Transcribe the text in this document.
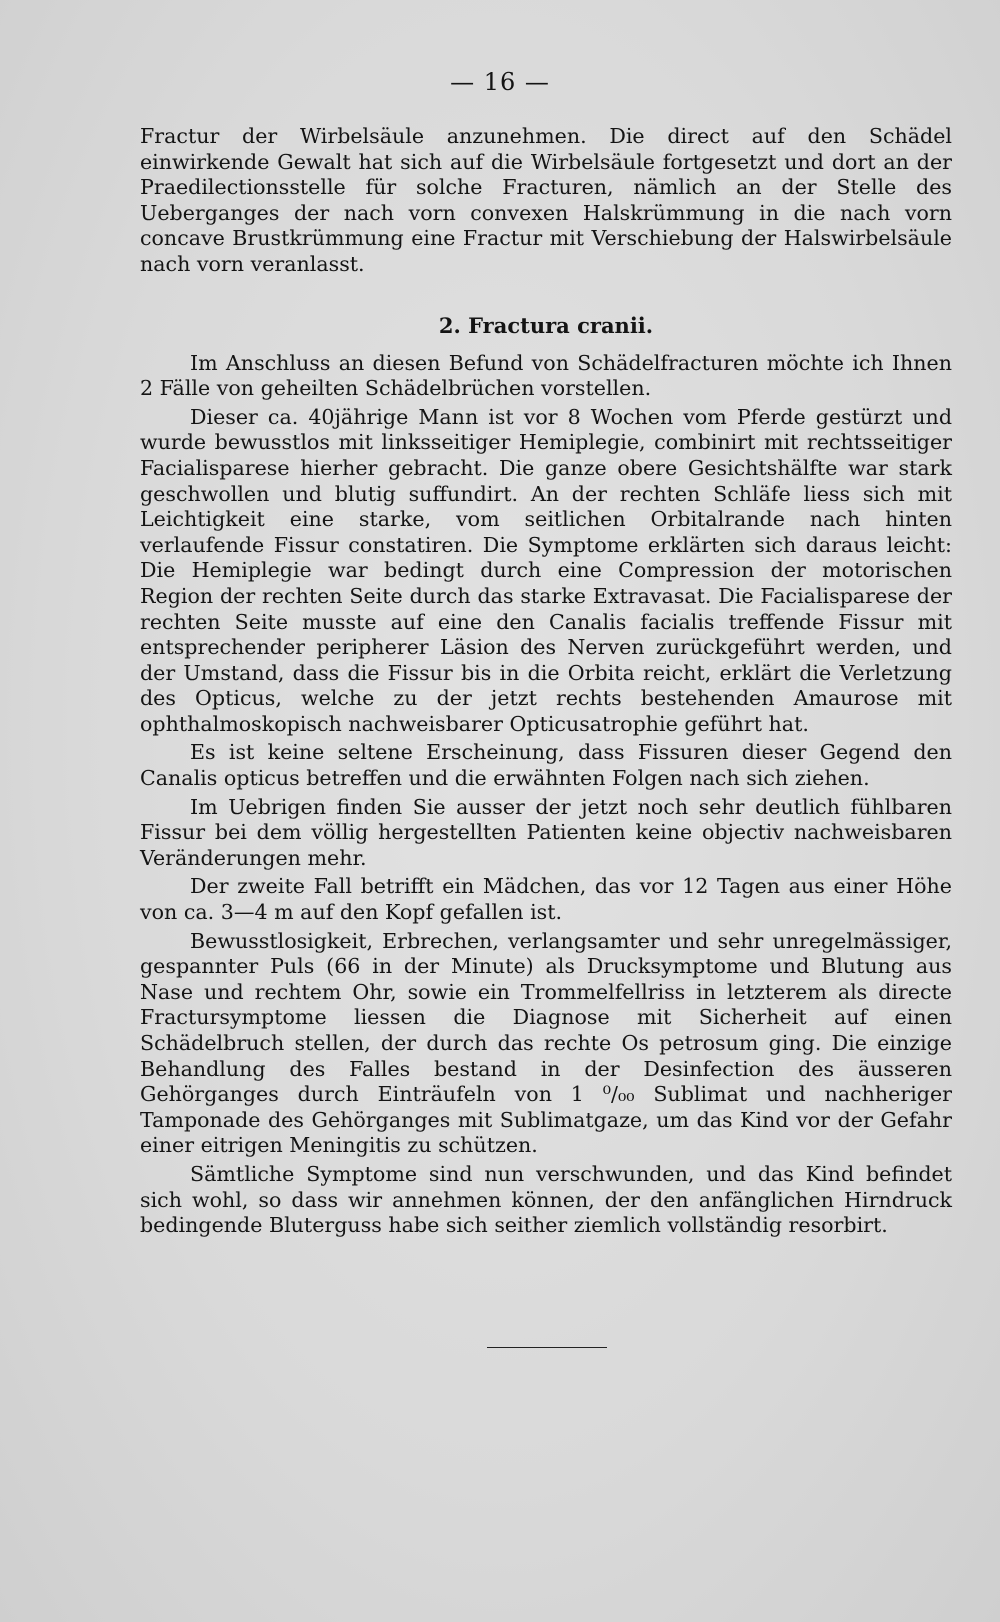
— 16 —

Fractur der Wirbelsäule anzunehmen. Die direct auf den Schädel einwirkende Gewalt hat sich auf die Wirbelsäule fortgesetzt und dort an der Praedilectionsstelle für solche Fracturen, nämlich an der Stelle des Ueberganges der nach vorn convexen Halskrümmung in die nach vorn concave Brustkrümmung eine Fractur mit Verschiebung der Halswirbelsäule nach vorn veranlasst.

2. Fractura cranii.

Im Anschluss an diesen Befund von Schädelfracturen möchte ich Ihnen 2 Fälle von geheilten Schädelbrüchen vorstellen.

Dieser ca. 40jährige Mann ist vor 8 Wochen vom Pferde gestürzt und wurde bewusstlos mit linksseitiger Hemiplegie, combinirt mit rechtsseitiger Facialisparese hierher gebracht. Die ganze obere Gesichtshälfte war stark geschwollen und blutig suffundirt. An der rechten Schläfe liess sich mit Leichtigkeit eine starke, vom seitlichen Orbitalrande nach hinten verlaufende Fissur constatiren. Die Symptome erklärten sich daraus leicht: Die Hemiplegie war bedingt durch eine Compression der motorischen Region der rechten Seite durch das starke Extravasat. Die Facialisparese der rechten Seite musste auf eine den Canalis facialis treffende Fissur mit entsprechender peripherer Läsion des Nerven zurückgeführt werden, und der Umstand, dass die Fissur bis in die Orbita reicht, erklärt die Verletzung des Opticus, welche zu der jetzt rechts bestehenden Amaurose mit ophthalmoskopisch nachweisbarer Opticusatrophie geführt hat.

Es ist keine seltene Erscheinung, dass Fissuren dieser Gegend den Canalis opticus betreffen und die erwähnten Folgen nach sich ziehen.

Im Uebrigen finden Sie ausser der jetzt noch sehr deutlich fühlbaren Fissur bei dem völlig hergestellten Patienten keine objectiv nachweisbaren Veränderungen mehr.

Der zweite Fall betrifft ein Mädchen, das vor 12 Tagen aus einer Höhe von ca. 3—4 m auf den Kopf gefallen ist.

Bewusstlosigkeit, Erbrechen, verlangsamter und sehr unregelmässiger, gespannter Puls (66 in der Minute) als Drucksymptome und Blutung aus Nase und rechtem Ohr, sowie ein Trommelfellriss in letzterem als directe Fractursymptome liessen die Diagnose mit Sicherheit auf einen Schädelbruch stellen, der durch das rechte Os petrosum ging. Die einzige Behandlung des Falles bestand in der Desinfection des äusseren Gehörganges durch Einträufeln von 1 ⁰/₀₀ Sublimat und nachheriger Tamponade des Gehörganges mit Sublimatgaze, um das Kind vor der Gefahr einer eitrigen Meningitis zu schützen.

Sämtliche Symptome sind nun verschwunden, und das Kind befindet sich wohl, so dass wir annehmen können, der den anfänglichen Hirndruck bedingende Bluterguss habe sich seither ziemlich vollständig resorbirt.
